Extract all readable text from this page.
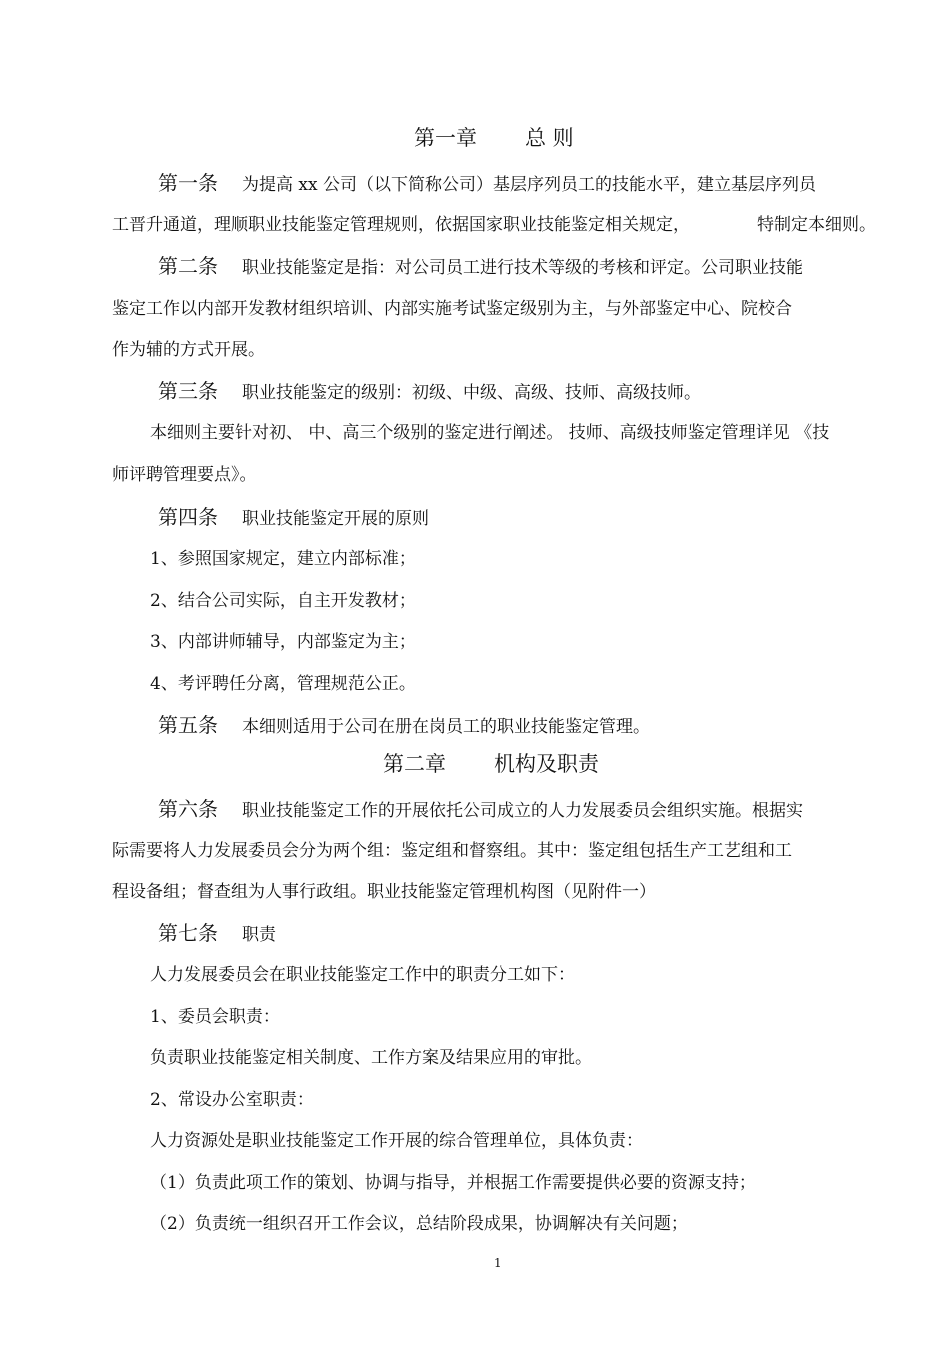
第一章 总 则
第一条 为提高 xx 公司（以下简称公司）基层序列员工的技能水平，建立基层序列员
工晋升通道，理顺职业技能鉴定管理规则，依据国家职业技能鉴定相关规定，	特制定本细则。
第二条 职业技能鉴定是指：对公司员工进行技术等级的考核和评定。公司职业技能
鉴定工作以内部开发教材组织培训、内部实施考试鉴定级别为主，与外部鉴定中心、院校合
作为辅的方式开展。
第三条 职业技能鉴定的级别：初级、中级、高级、技师、高级技师。
本细则主要针对初、 中、高三个级别的鉴定进行阐述。 技师、高级技师鉴定管理详见 《技
师评聘管理要点》。
第四条 职业技能鉴定开展的原则
1、参照国家规定，建立内部标准；
2、结合公司实际，自主开发教材；
3、内部讲师辅导，内部鉴定为主；
4、考评聘任分离，管理规范公正。
第五条 本细则适用于公司在册在岗员工的职业技能鉴定管理。
第二章 机构及职责
第六条 职业技能鉴定工作的开展依托公司成立的人力发展委员会组织实施。根据实
际需要将人力发展委员会分为两个组：鉴定组和督察组。其中：鉴定组包括生产工艺组和工
程设备组；督查组为人事行政组。职业技能鉴定管理机构图（见附件一）
第七条 职责
人力发展委员会在职业技能鉴定工作中的职责分工如下：
1、委员会职责：
负责职业技能鉴定相关制度、工作方案及结果应用的审批。
2、常设办公室职责：
人力资源处是职业技能鉴定工作开展的综合管理单位，具体负责：
（1）负责此项工作的策划、协调与指导，并根据工作需要提供必要的资源支持；
（2）负责统一组织召开工作会议，总结阶段成果，协调解决有关问题；
1
